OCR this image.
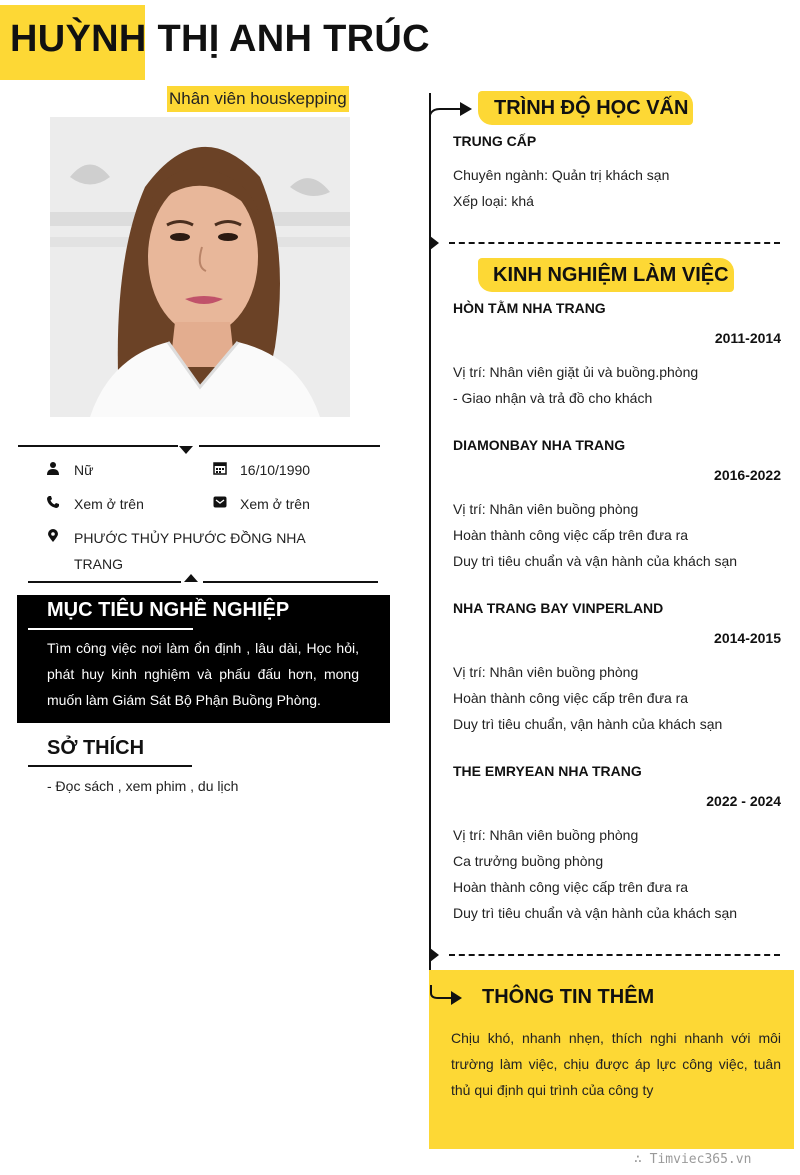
HUỲNH THỊ ANH TRÚC
Nhân viên houskepping
Nữ	16/10/1990
Xem ở trên	Xem ở trên
PHƯỚC THỦY PHƯỚC ĐỒNG NHA
TRANG
MỤC TIÊU NGHỀ NGHIỆP
Tìm công việc nơi làm ổn định , lâu dài, Học hỏi, phát huy kinh nghiệm và phấu đấu hơn, mong muốn làm Giám Sát Bộ Phận Buồng Phòng.
SỞ THÍCH
- Đọc sách , xem phim , du lịch
TRÌNH ĐỘ HỌC VẤN
TRUNG CẤP
Chuyên ngành: Quản trị khách sạn
Xếp loại: khá
KINH NGHIỆM LÀM VIỆC
HÒN TẰM NHA TRANG
2011-2014
Vị trí: Nhân viên giặt ủi và buồng.phòng
- Giao nhận và trả đồ cho khách
DIAMONBAY NHA TRANG
2016-2022
Vị trí: Nhân viên buồng phòng
Hoàn thành công việc cấp trên đưa ra
Duy trì tiêu chuẩn và vận hành của khách sạn
NHA TRANG BAY VINPERLAND
2014-2015
Vị trí: Nhân viên buồng phòng
Hoàn thành công việc cấp trên đưa ra
Duy trì tiêu chuẩn, vận hành của khách sạn
THE EMRYEAN NHA TRANG
2022 - 2024
Vị trí: Nhân viên buồng phòng
Ca trưởng buồng phòng
Hoàn thành công việc cấp trên đưa ra
Duy trì tiêu chuẩn và vận hành của khách sạn
THÔNG TIN THÊM
Chịu khó, nhanh nhẹn, thích nghi nhanh với môi trường làm việc, chịu được áp lực công việc, tuân thủ qui định qui trình của công ty
∴ Timviec365.vn
